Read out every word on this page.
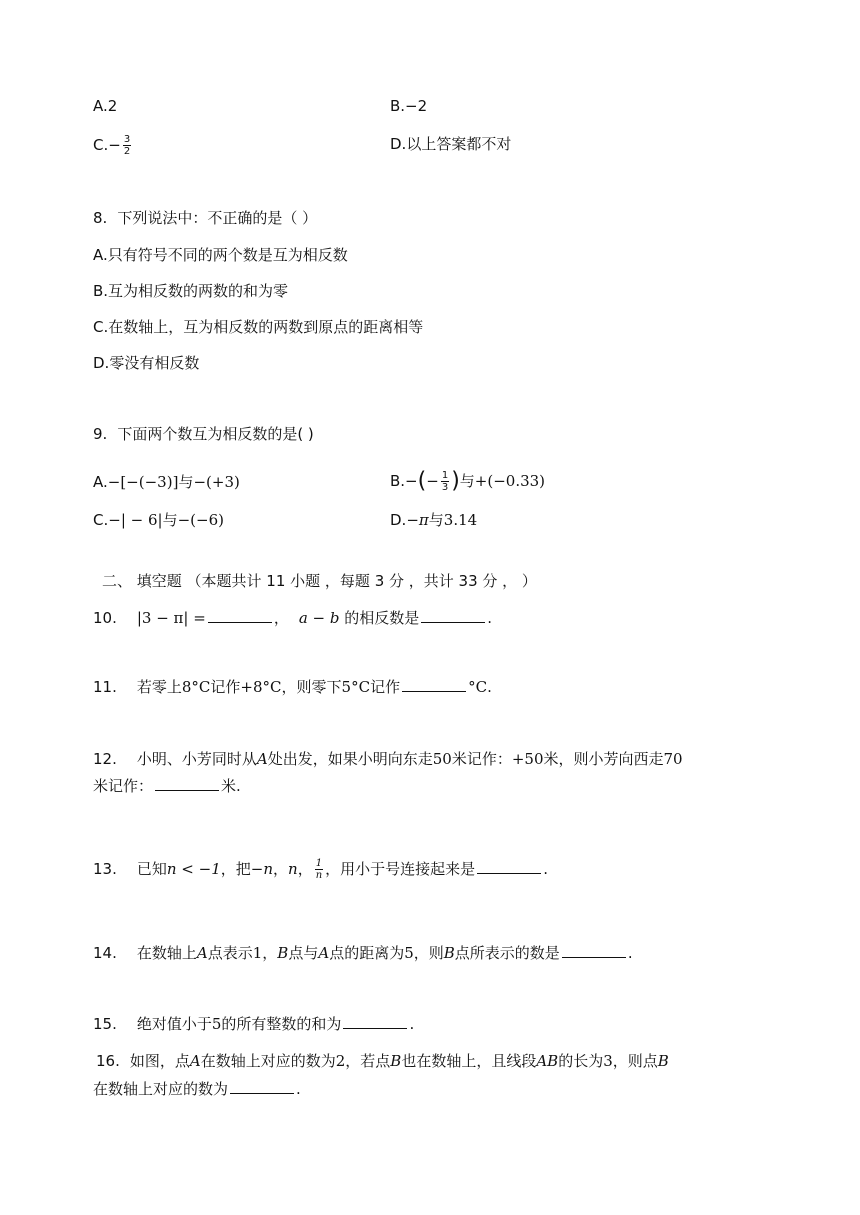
A.2	B.−2
$C.- \frac{3}{2}$	D.以上答案都不对
8. 下列说法中：不正确的是（ ）
A.只有符号不同的两个数是互为相反数
B.互为相反数的两数的和为零
C.在数轴上，互为相反数的两数到原点的距离相等
D.零没有相反数
9. 下面两个数互为相反数的是( )
A.−[−(−3)]与−(+3)	$B.-(- \frac{1}{3}$ )与+(−0.33)
C.−| − 6|与−(−6)	D.−π与3.14
二、 填空题 （本题共计 11 小题 ，每题 3 分 ，共计 33 分 ， ）
10. |3 − π| =	， a − b 的相反数是	.
11. 若零上8°C记作+8°C，则零下5°C记作	°C.
12. 小明、小芳同时从A处出发，如果小明向东走50米记作：+50米，则小芳向西走70
米记作：	米.
13. 已知n < −1，把−n，n， $\frac{1}{n}$ ，用小于号连接起来是	.
14. 在数轴上A点表示1，B点与A点的距离为5，则B点所表示的数是	.
15. 绝对值小于5的所有整数的和为	.
16. 如图，点A在数轴上对应的数为2，若点B也在数轴上，且线段AB的长为3，则点B
在数轴上对应的数为	.
